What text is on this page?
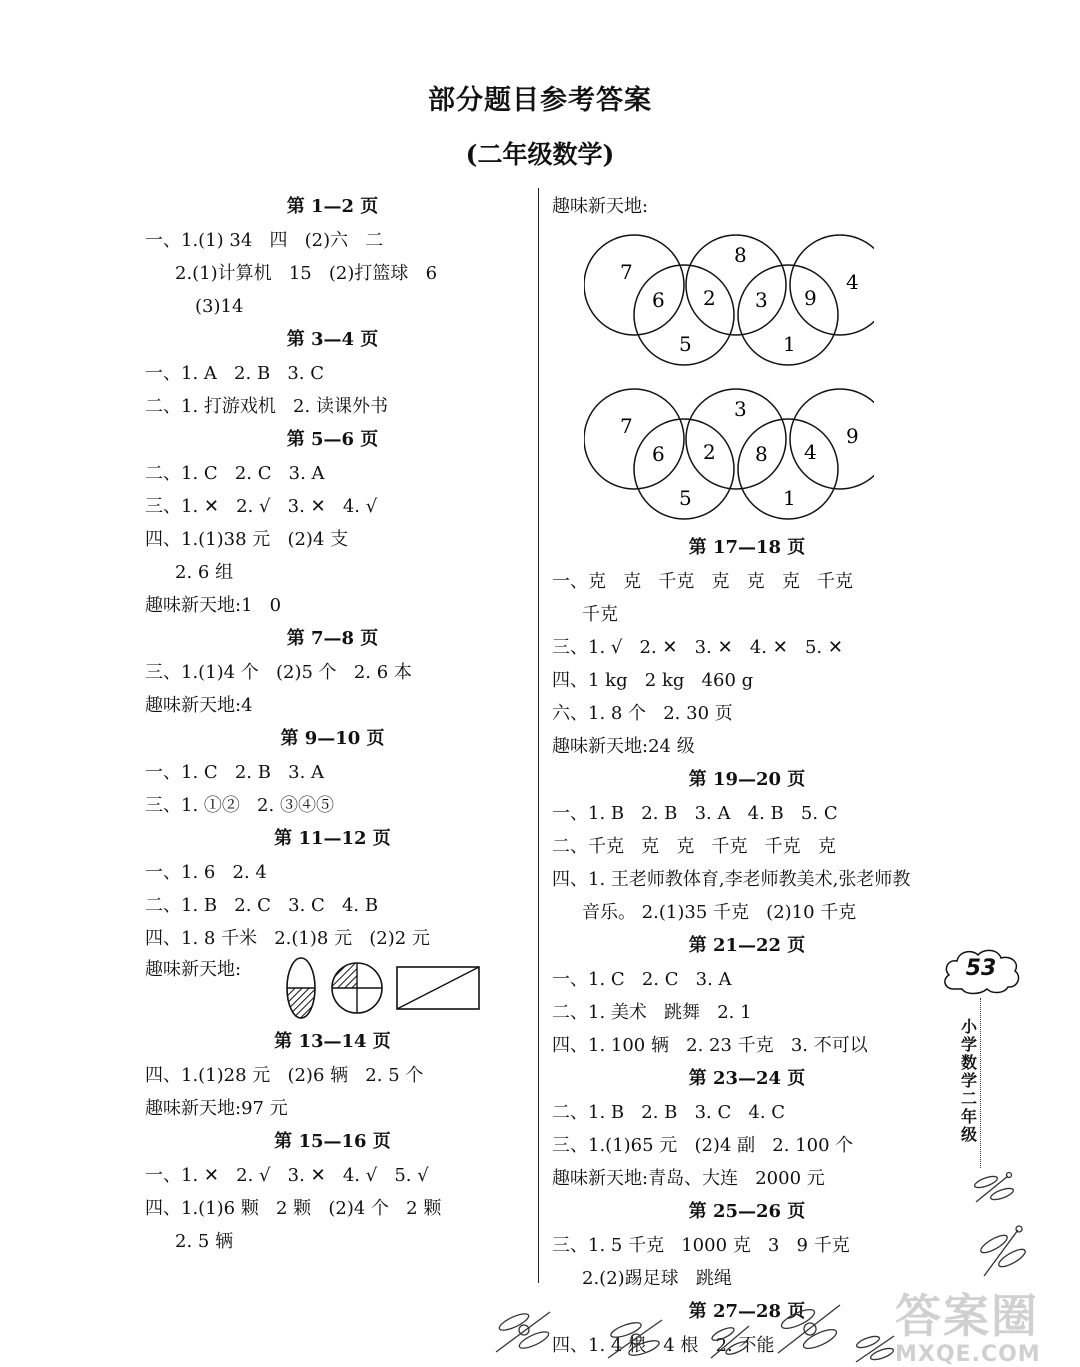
部分题目参考答案
(二年级数学)
第 1—2 页
一、1.(1) 34   四   (2)六   二
2.(1)计算机   15   (2)打篮球   6
(3)14
第 3—4 页
一、1. A   2. B   3. C
二、1. 打游戏机   2. 读课外书
第 5—6 页
二、1. C   2. C   3. A
三、1. ✕   2. √   3. ✕   4. √
四、1.(1)38 元   (2)4 支
2. 6 组
趣味新天地:1   0
第 7—8 页
三、1.(1)4 个   (2)5 个   2. 6 本
趣味新天地:4
第 9—10 页
一、1. C   2. B   3. A
三、1. ①②   2. ③④⑤
第 11—12 页
一、1. 6   2. 4
二、1. B   2. C   3. C   4. B
四、1. 8 千米   2.(1)8 元   (2)2 元
趣味新天地:
第 13—14 页
四、1.(1)28 元   (2)6 辆   2. 5 个
趣味新天地:97 元
第 15—16 页
一、1. ✕   2. √   3. ✕   4. √   5. √
四、1.(1)6 颗   2 颗   (2)4 个   2 颗
2. 5 辆
趣味新天地:
7
8
4
6 2 3 9
5	1
7
3
9
6 2 8 4
5	1
第 17—18 页
一、克   克   千克   克   克   克   千克
千克
三、1. √   2. ✕   3. ✕   4. ✕   5. ✕
四、1 kg   2 kg   460 g
六、1. 8 个   2. 30 页
趣味新天地:24 级
第 19—20 页
一、1. B   2. B   3. A   4. B   5. C
二、千克   克   克   千克   千克   克
四、1. 王老师教体育,李老师教美术,张老师教
音乐。 2.(1)35 千克   (2)10 千克
第 21—22 页
一、1. C   2. C   3. A
二、1. 美术   跳舞   2. 1
四、1. 100 辆   2. 23 千克   3. 不可以
第 23—24 页
二、1. B   2. B   3. C   4. C
三、1.(1)65 元   (2)4 副   2. 100 个
趣味新天地:青岛、大连   2000 元
第 25—26 页
三、1. 5 千克   1000 克   3   9 千克
2.(2)踢足球   跳绳
第 27—28 页
四、1. 4 根   4 根   2. 不能
53
小学数学二年级
答案圈
MXQE.COM
